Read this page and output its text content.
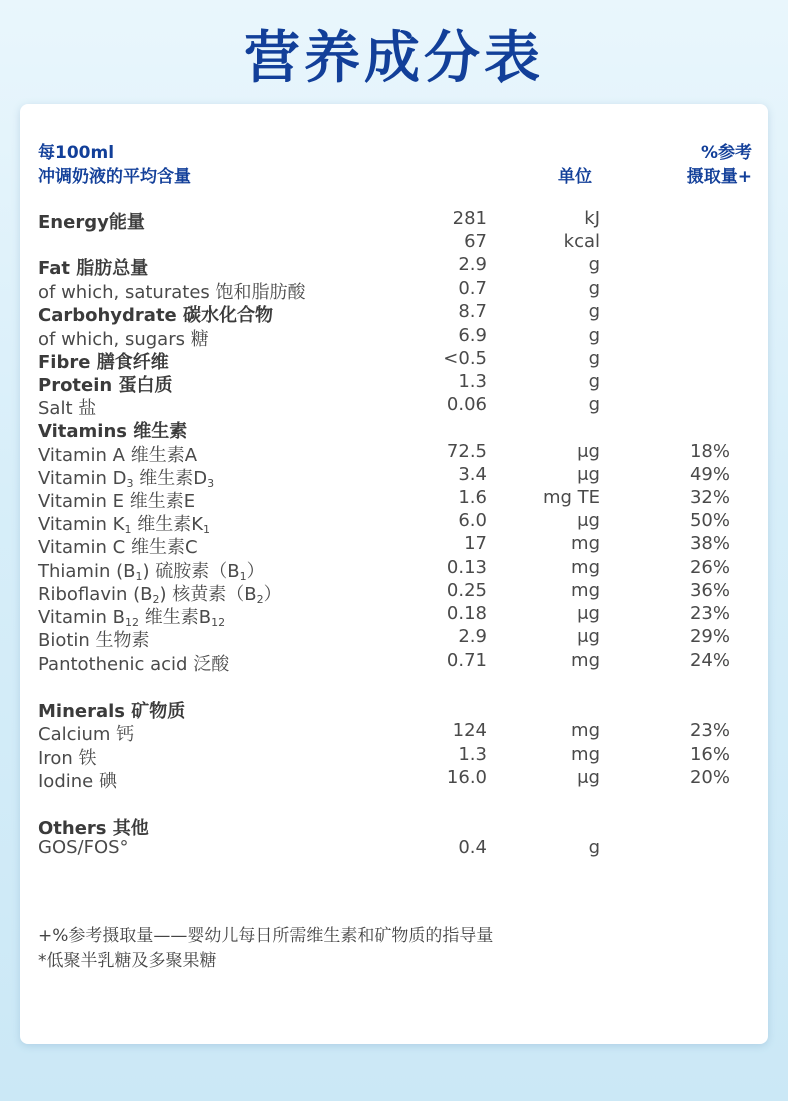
营养成分表
每100ml
冲调奶液的平均含量	单位
%参考
摄取量+
Energy能量	281	kJ
67	kcal
Fat 脂肪总量	2.9	g
of which, saturates 饱和脂肪酸	0.7	g
Carbohydrate 碳水化合物	8.7	g
of which, sugars 糖	6.9	g
Fibre 膳食纤维	<0.5	g
Protein 蛋白质	1.3	g
Salt 盐	0.06	g
Vitamins 维生素
Vitamin A 维生素A	72.5	μg	18%
Vitamin $D_3$ 维生素$D_3$	3.4	μg	49%
Vitamin E 维生素E	1.6	mg TE	32%
Vitamin $K_1$ 维生素$K_1$	6.0	μg	50%
Vitamin C 维生素C	17	mg	38%
Thiamin $(B_1)$ 硫胺素$(B_1)$	0.13	mg	26%
Riboflavin $(B_2)$ 核黄素$(B_2)$	0.25	mg	36%
Vitamin $B_{12}$ 维生素$B_{12}$	0.18	μg	23%
Biotin 生物素	2.9	μg	29%
Pantothenic acid 泛酸	0.71	mg	24%
Minerals 矿物质
Calcium 钙	124	mg	23%
Iron 铁	1.3	mg	16%
Iodine 碘	16.0	μg	20%
Others 其他
GOS/FOS°	0.4	g
+%参考摄取量——婴幼儿每日所需维生素和矿物质的指导量
*低聚半乳糖及多聚果糖
